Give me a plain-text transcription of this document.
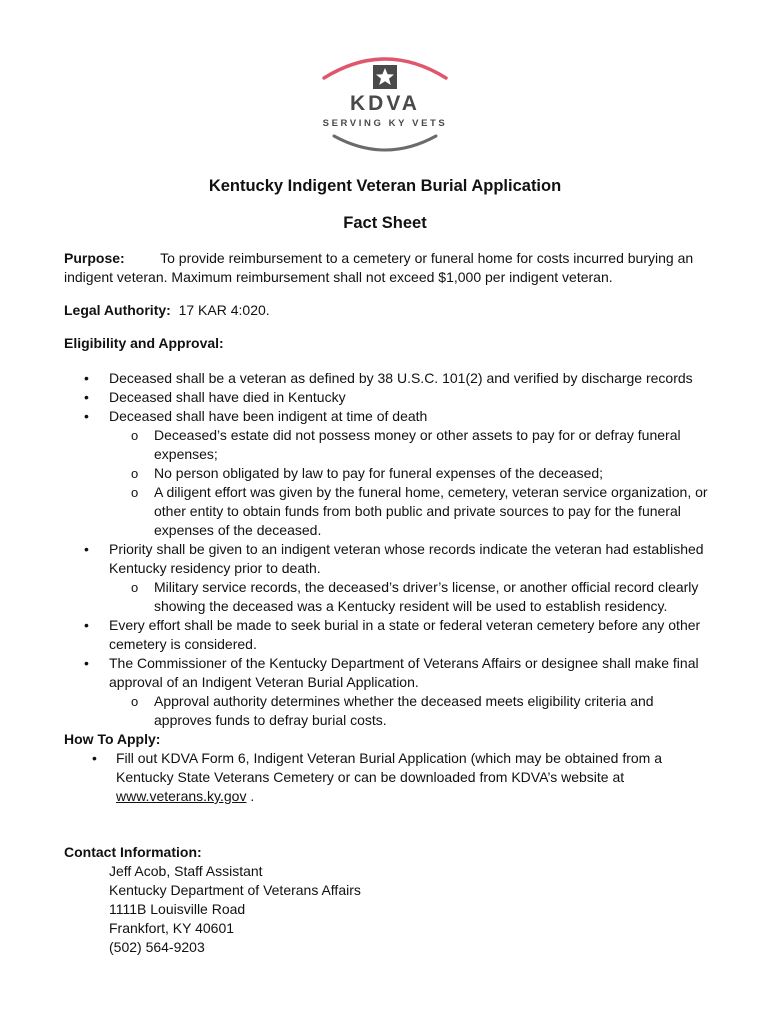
KDVA
SERVING KY VETS
Kentucky Indigent Veteran Burial Application
Fact Sheet

Purpose:	To provide reimbursement to a cemetery or funeral home for costs incurred burying an indigent veteran. Maximum reimbursement shall not exceed $1,000 per indigent veteran.

Legal Authority: 17 KAR 4:020.

Eligibility and Approval:

• Deceased shall be a veteran as defined by 38 U.S.C. 101(2) and verified by discharge records
• Deceased shall have died in Kentucky
• Deceased shall have been indigent at time of death
o Deceased’s estate did not possess money or other assets to pay for or defray funeral expenses;
o No person obligated by law to pay for funeral expenses of the deceased;
o A diligent effort was given by the funeral home, cemetery, veteran service organization, or other entity to obtain funds from both public and private sources to pay for the funeral expenses of the deceased.
• Priority shall be given to an indigent veteran whose records indicate the veteran had established Kentucky residency prior to death.
o Military service records, the deceased’s driver’s license, or another official record clearly showing the deceased was a Kentucky resident will be used to establish residency.
• Every effort shall be made to seek burial in a state or federal veteran cemetery before any other cemetery is considered.
• The Commissioner of the Kentucky Department of Veterans Affairs or designee shall make final approval of an Indigent Veteran Burial Application.
o Approval authority determines whether the deceased meets eligibility criteria and approves funds to defray burial costs.

How To Apply:

• Fill out KDVA Form 6, Indigent Veteran Burial Application (which may be obtained from a Kentucky State Veterans Cemetery or can be downloaded from KDVA’s website at www.veterans.ky.gov .

Contact Information:

Jeff Acob, Staff Assistant
Kentucky Department of Veterans Affairs
1111B Louisville Road
Frankfort, KY 40601
(502) 564-9203
